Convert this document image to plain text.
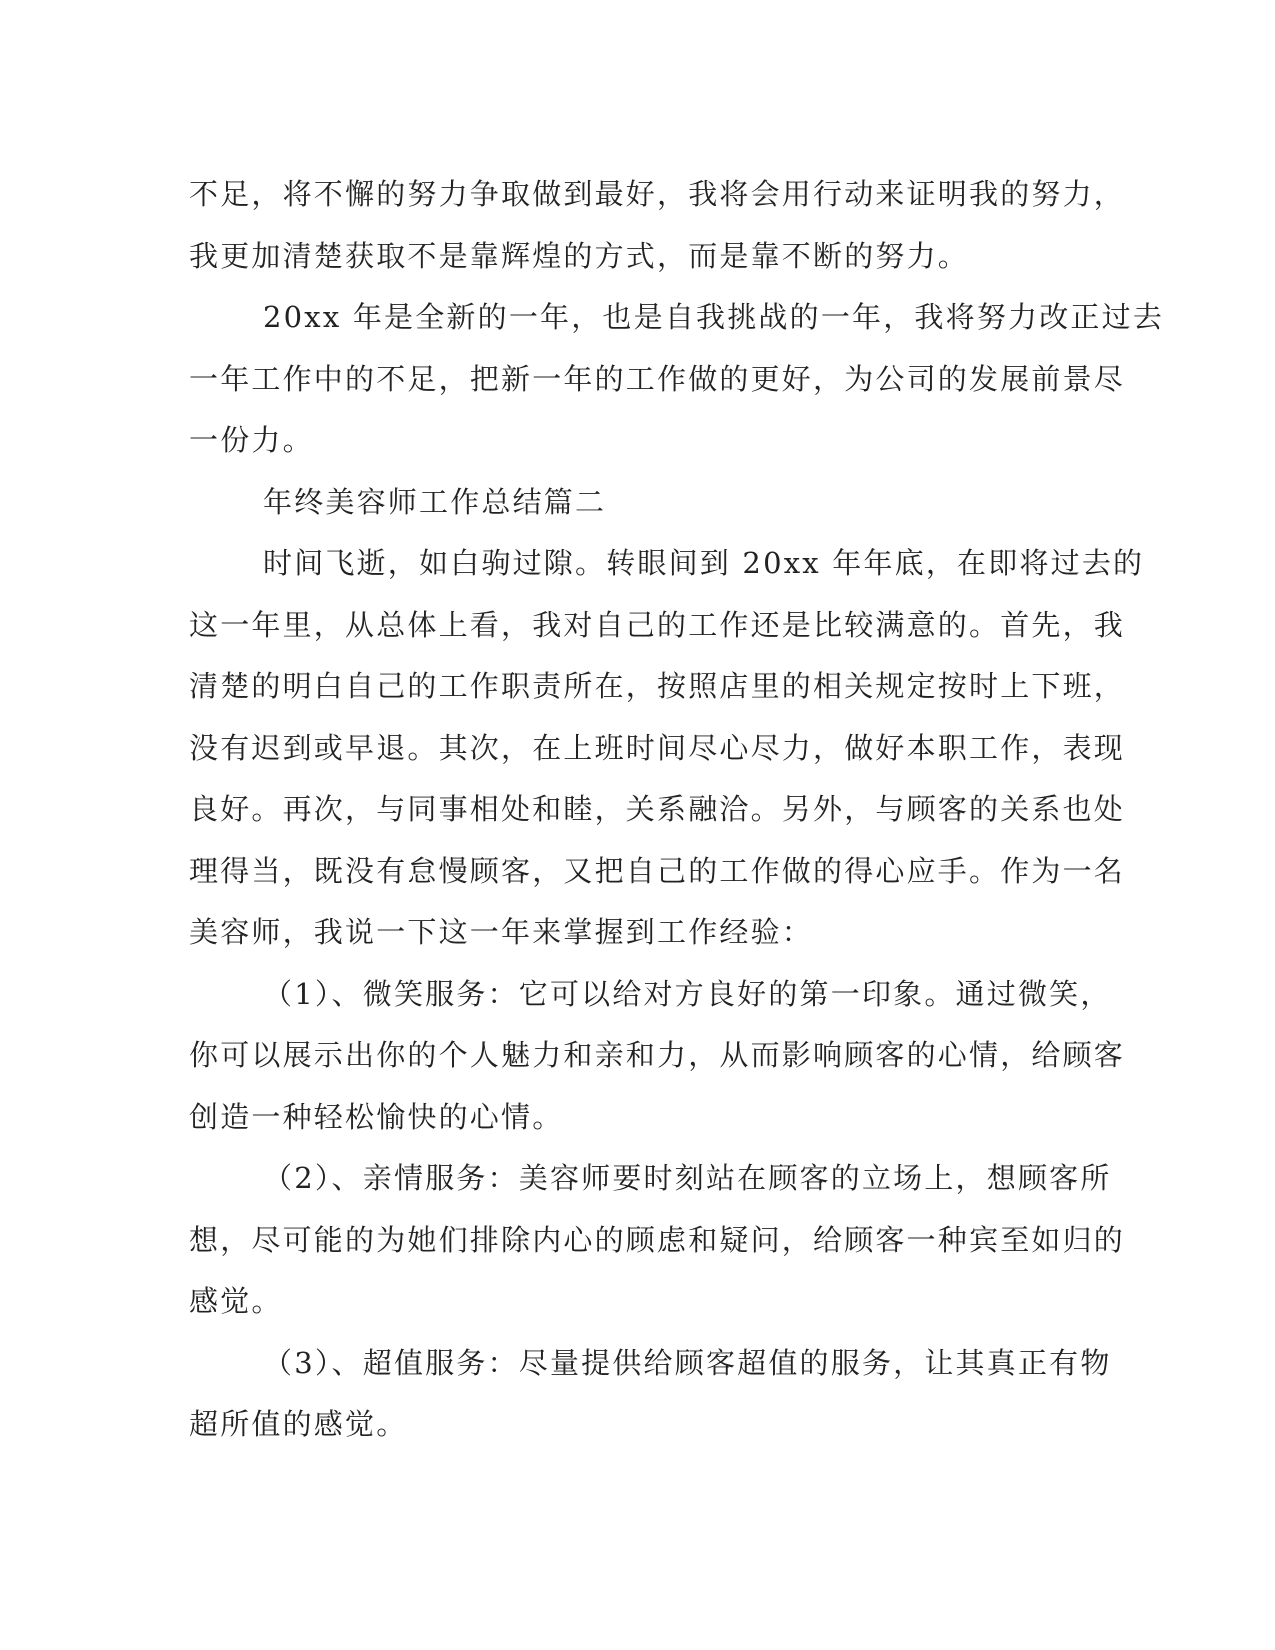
不足，将不懈的努力争取做到最好，我将会用行动来证明我的努力，
我更加清楚获取不是靠辉煌的方式，而是靠不断的努力。
20xx 年是全新的一年，也是自我挑战的一年，我将努力改正过去
一年工作中的不足，把新一年的工作做的更好，为公司的发展前景尽
一份力。
年终美容师工作总结篇二
时间飞逝，如白驹过隙。转眼间到 20xx 年年底，在即将过去的
这一年里，从总体上看，我对自己的工作还是比较满意的。首先，我
清楚的明白自己的工作职责所在，按照店里的相关规定按时上下班，
没有迟到或早退。其次，在上班时间尽心尽力，做好本职工作，表现
良好。再次，与同事相处和睦，关系融洽。另外，与顾客的关系也处
理得当，既没有怠慢顾客，又把自己的工作做的得心应手。作为一名
美容师，我说一下这一年来掌握到工作经验：
（1）、微笑服务：它可以给对方良好的第一印象。通过微笑，
你可以展示出你的个人魅力和亲和力，从而影响顾客的心情，给顾客
创造一种轻松愉快的心情。
（2）、亲情服务：美容师要时刻站在顾客的立场上，想顾客所
想，尽可能的为她们排除内心的顾虑和疑问，给顾客一种宾至如归的
感觉。
（3）、超值服务：尽量提供给顾客超值的服务，让其真正有物
超所值的感觉。
